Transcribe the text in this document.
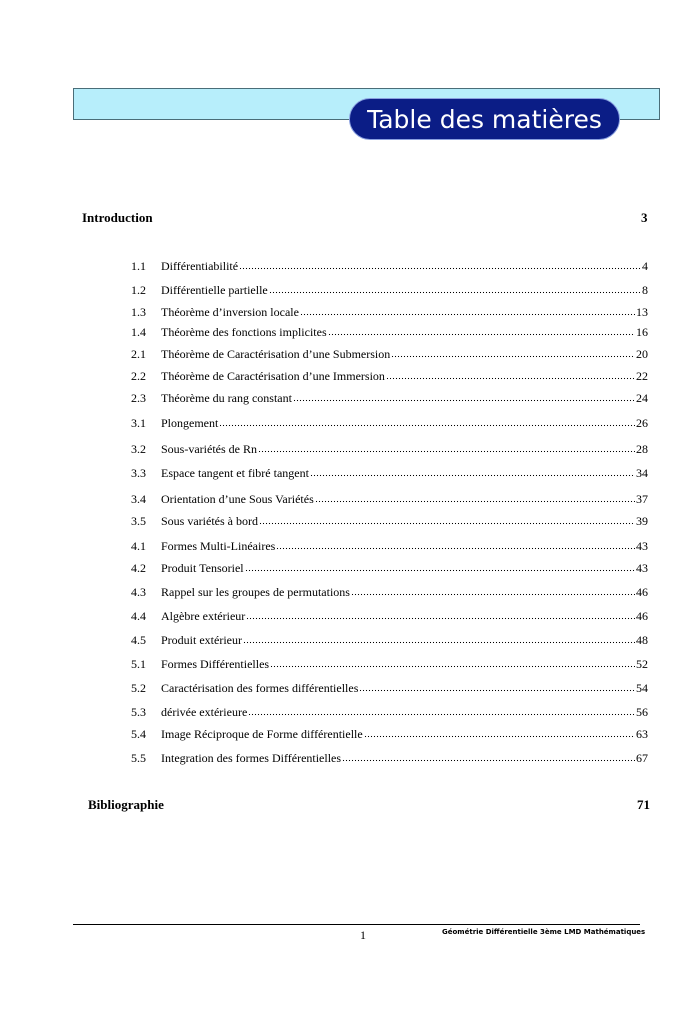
Table des matières
Introduction	3
1.1	Différentiabilité	4
1.2	Différentielle partielle	8
1.3	Théorème d’inversion locale	13
1.4	Théorème des fonctions implicites	16
2.1	Théorème de Caractérisation d’une Submersion	20
2.2	Théorème de Caractérisation d’une Immersion	22
2.3	Théorème du rang constant	24
3.1	Plongement	26
3.2	Sous-variétés de Rn	28
3.3	Espace tangent et fibré tangent	34
3.4	Orientation d’une Sous Variétés	37
3.5	Sous variétés à bord	39
4.1	Formes Multi-Linéaires	43
4.2	Produit Tensoriel	43
4.3	Rappel sur les groupes de permutations	46
4.4	Algèbre extérieur	46
4.5	Produit extérieur	48
5.1	Formes Différentielles	52
5.2	Caractérisation des formes différentielles	54
5.3	dérivée extérieure	56
5.4	Image Réciproque de Forme différentielle	63
5.5	Integration des formes Différentielles	67
Bibliographie	71
1	Géométrie Différentielle 3ème LMD Mathématiques
